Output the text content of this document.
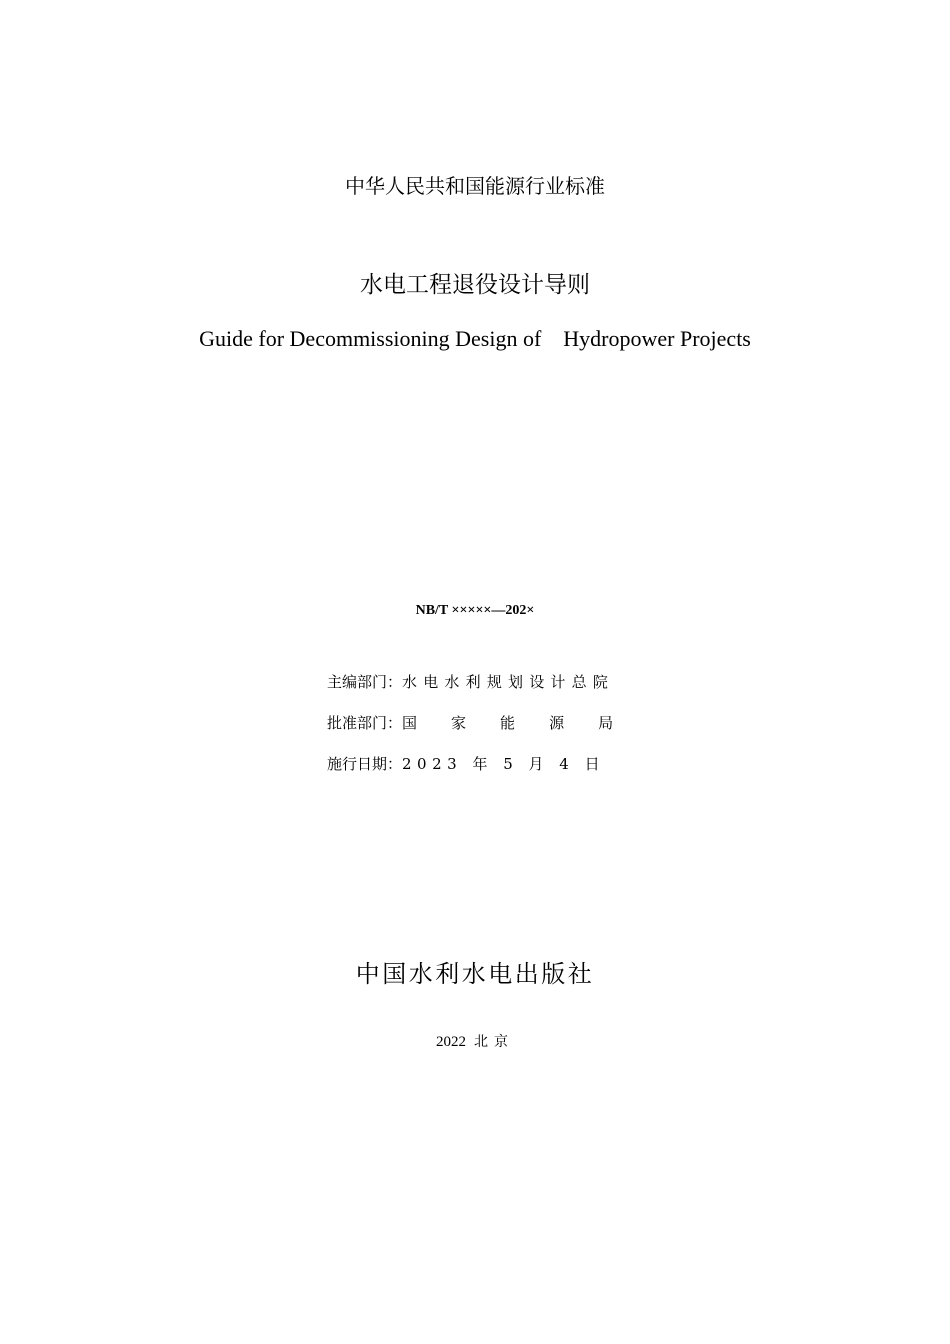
中华人民共和国能源行业标准
水电工程退役设计导则
Guide for Decommissioning Design of    Hydropower Projects
NB/T ×××××—202×
主编部门：水电水利规划设计总院
批准部门：国 家 能 源 局
施行日期：2023 年 5 月 4 日
中国水利水电出版社
2022 北京
